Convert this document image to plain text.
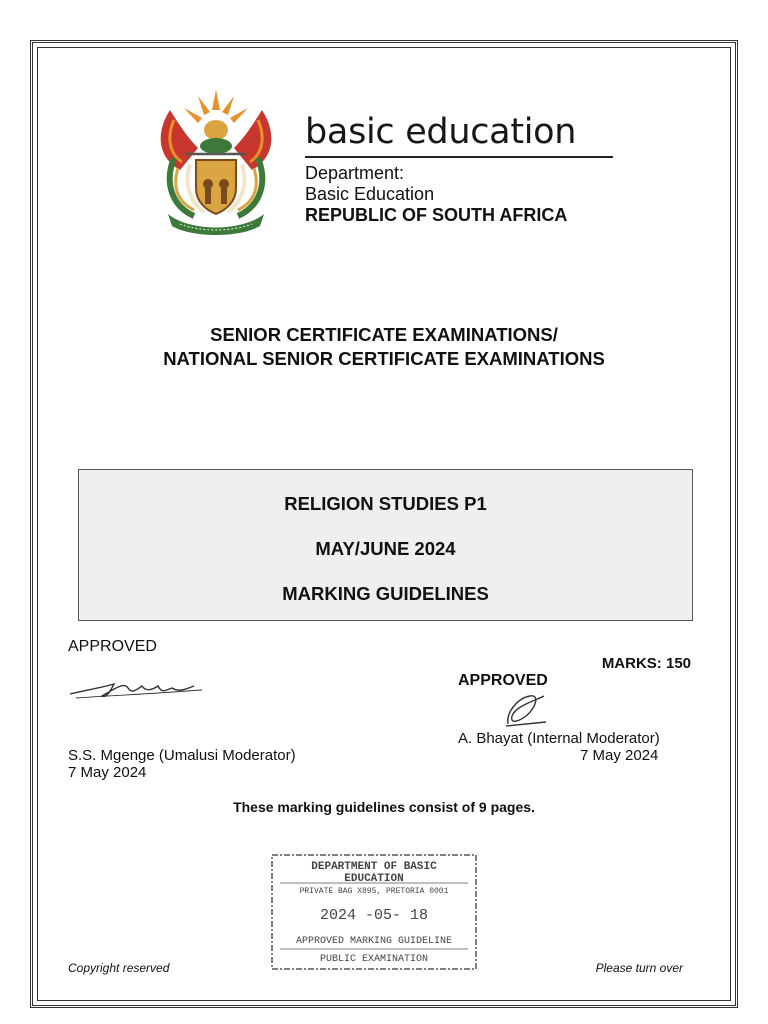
basic education
Department:
Basic Education
REPUBLIC OF SOUTH AFRICA
SENIOR CERTIFICATE EXAMINATIONS/
NATIONAL SENIOR CERTIFICATE EXAMINATIONS
RELIGION STUDIES P1
MAY/JUNE 2024
MARKING GUIDELINES
APPROVED
MARKS: 150
APPROVED
S.S. Mgenge (Umalusi Moderator)
7 May 2024
A. Bhayat (Internal Moderator)
7 May 2024
These marking guidelines consist of 9 pages.
DEPARTMENT OF BASIC
EDUCATION
PRIVATE BAG X895, PRETORIA 0001
2024 -05- 18
APPROVED MARKING GUIDELINE
PUBLIC EXAMINATION
Copyright reserved	Please turn over
